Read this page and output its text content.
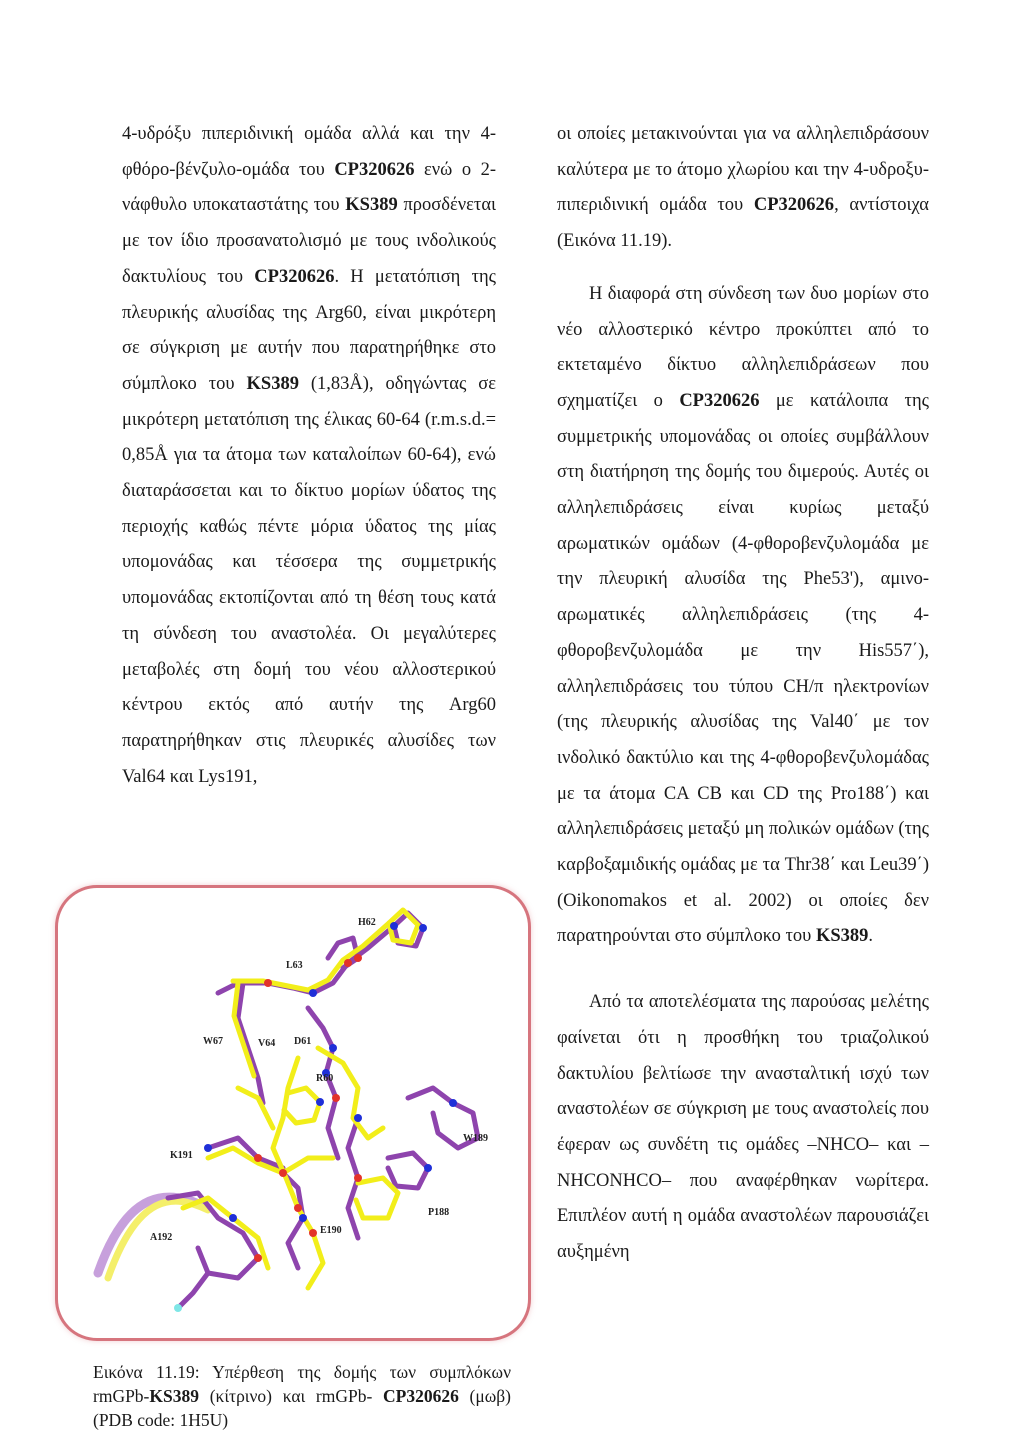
4-υδρόξυ πιπεριδινική ομάδα αλλά και την 4-φθόρο-βένζυλο-ομάδα του CP320626 ενώ ο 2-νάφθυλο υποκαταστάτης του KS389 προσδένεται με τον ίδιο προσανατολισμό με τους ινδολικούς δακτυλίους του CP320626. Η μετατόπιση της πλευρικής αλυσίδας της Arg60, είναι μικρότερη σε σύγκριση με αυτήν που παρατηρήθηκε στο σύμπλοκο του KS389 (1,83Å), οδηγώντας σε μικρότερη μετατόπιση της έλικας 60-64 (r.m.s.d.= 0,85Å για τα άτομα των καταλοίπων 60-64), ενώ διαταράσσεται και το δίκτυο μορίων ύδατος της περιοχής καθώς πέντε μόρια ύδατος της μίας υπομονάδας και τέσσερα της συμμετρικής υπομονάδας εκτοπίζονται από τη θέση τους κατά τη σύνδεση του αναστολέα. Οι μεγαλύτερες μεταβολές στη δομή του νέου αλλοστερικού κέντρου εκτός από αυτήν της Arg60 παρατηρήθηκαν στις πλευρικές αλυσίδες των Val64 και Lys191,

οι οποίες μετακινούνται για να αλληλεπιδράσουν καλύτερα με το άτομο χλωρίου και την 4-υδροξυ-πιπεριδινική ομάδα του CP320626, αντίστοιχα (Εικόνα 11.19).

Η διαφορά στη σύνδεση των δυο μορίων στο νέο αλλοστερικό κέντρο προκύπτει από το εκτεταμένο δίκτυο αλληλεπιδράσεων που σχηματίζει ο CP320626 με κατάλοιπα της συμμετρικής υπομονάδας οι οποίες συμβάλλουν στη διατήρηση της δομής του διμερούς. Αυτές οι αλληλεπιδράσεις είναι κυρίως μεταξύ αρωματικών ομάδων (4-φθοροβενζυλομάδα με την πλευρική αλυσίδα της Phe53'), αμινο-αρωματικές αλληλεπιδράσεις (της 4-φθοροβενζυλομάδα με την His557΄), αλληλεπιδράσεις του τύπου CH/π ηλεκτρονίων (της πλευρικής αλυσίδας της Val40΄ με τον ινδολικό δακτύλιο και της 4-φθοροβενζυλομάδας με τα άτομα CA CB και CD της Pro188΄) και αλληλεπιδράσεις μεταξύ μη πολικών ομάδων (της καρβοξαμιδικής ομάδας με τα Thr38΄ και Leu39΄) (Oikonomakos et al. 2002) οι οποίες δεν παρατηρούνται στο σύμπλοκο του KS389.

Από τα αποτελέσματα της παρούσας μελέτης φαίνεται ότι η προσθήκη του τριαζολικού δακτυλίου βελτίωσε την ανασταλτική ισχύ των αναστολέων σε σύγκριση με τους αναστολείς που έφεραν ως συνδέτη τις ομάδες –NHCO– και –NHCONHCO– που αναφέρθηκαν νωρίτερα. Επιπλέον αυτή η ομάδα αναστολέων παρουσιάζει αυξημένη

H62
L63
W67	V64 D61
R60
W189
K191
P188
E190
A192
Εικόνα 11.19: Υπέρθεση της δομής των συμπλόκων rmGPb-KS389 (κίτρινο) και rmGPb- CP320626 (μωβ) (PDB code: 1H5U)
